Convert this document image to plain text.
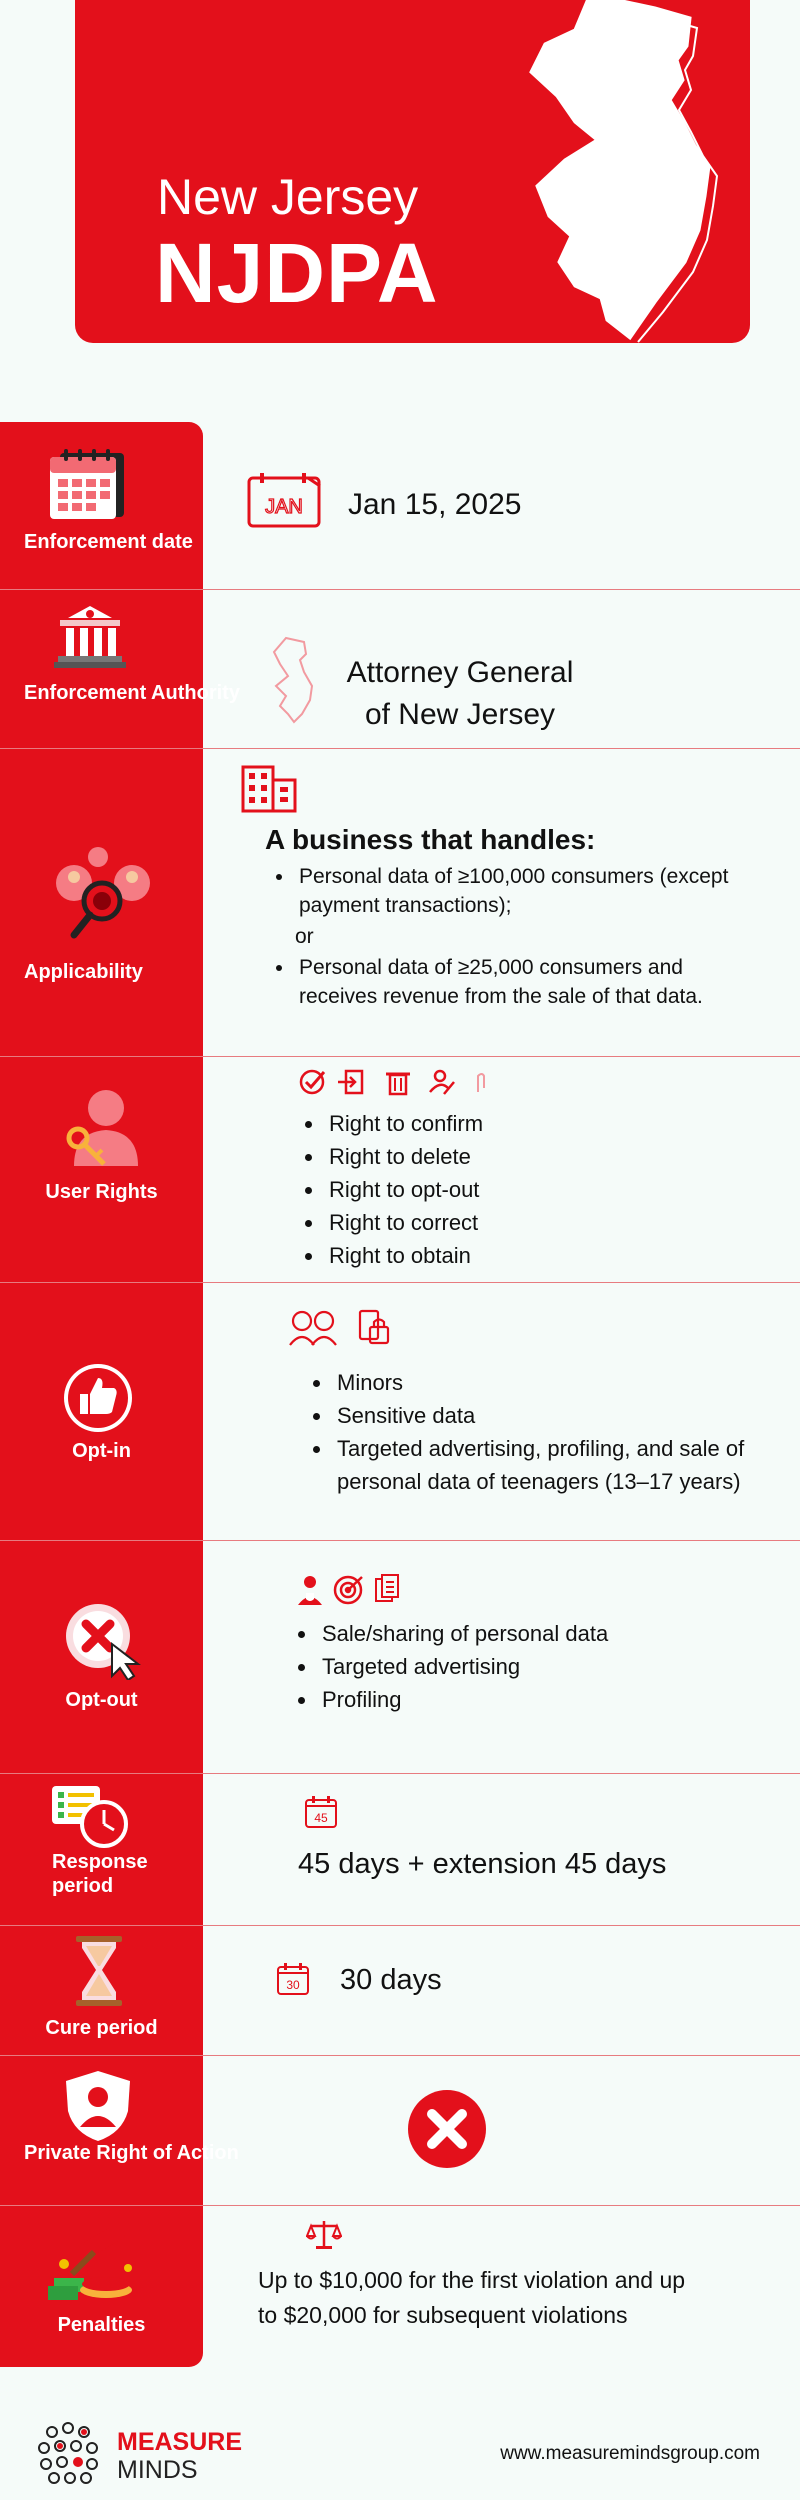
New Jersey
NJDPA
Enforcement date
JAN Jan 15, 2025
Enforcement Authority
Attorney General
of New Jersey
Applicability
A business that handles:
• Personal data of ≥100,000 consumers (except payment transactions);
or
• Personal data of ≥25,000 consumers and receives revenue from the sale of that data.
User Rights
• Right to confirm
• Right to delete
• Right to opt-out
• Right to correct
• Right to obtain
Opt-in
• Minors
• Sensitive data
• Targeted advertising, profiling, and sale of personal data of teenagers (13–17 years)
Opt-out
• Sale/sharing of personal data
• Targeted advertising
• Profiling
Response period
45
45 days + extension 45 days
Cure period
30 30 days
Private Right of Action
Penalties
Up to $10,000 for the first violation and up
to $20,000 for subsequent violations
MEASURE
MINDS
www.measuremindsgroup.com
